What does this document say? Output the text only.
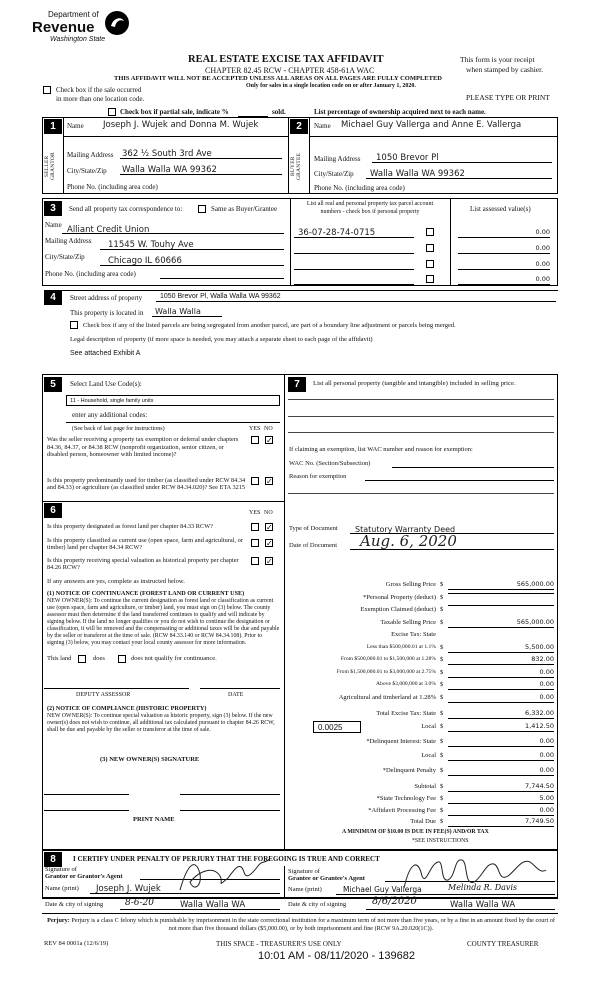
Department of
Revenue
Washington State
REAL ESTATE EXCISE TAX AFFIDAVIT
CHAPTER 82.45 RCW - CHAPTER 458-61A WAC
THIS AFFIDAVIT WILL NOT BE ACCEPTED UNLESS ALL AREAS ON ALL PAGES ARE FULLY COMPLETED
Only for sales in a single location code on or after January 1, 2020.
This form is your receipt
when stamped by cashier.
Check box if the sale occurred
in more than one location code.	PLEASE TYPE OR PRINT
Check box if partial sale, indicate %	sold.	List percentage of ownership acquired next to each name.
1
SELLER GRANTOR
Name Joseph J. Wujek and Donna M. Wujek
Mailing Address 362 ½ South 3rd Ave
City/State/Zip Walla Walla WA 99362
Phone No. (including area code)
2
BUYER GRANTEE
Name Michael Guy Vallerga and Anne E. Vallerga
Mailing Address 1050 Brevor Pl
City/State/Zip Walla Walla WA 99362
Phone No. (including area code)
3	Send all property tax correspondence to:	Same as Buyer/Grantee
List all real and personal property tax parcel account numbers - check box if personal property	List assessed value(s)
Name Alliant Credit Union
Mailing Address 11545 W. Touhy Ave
City/State/Zip	Chicago IL 60666
Phone No. (including area code)
36-07-28-74-0715	0.00
0.00
0.00
0.00
4	Street address of property	1050 Brevor Pl, Walla Walla WA 99362
This property is located in Walla Walla
Check box if any of the listed parcels are being segregated from another parcel, are part of a boundary line adjustment or parcels being merged.
Legal description of property (if more space is needed, you may attach a separate sheet to each page of the affidavit)
See attached Exhibit A
5	Select Land Use Code(s):
11 - Household, single family units
enter any additional codes:
(See back of last page for instructions)	YES NO
Was the seller receiving a property tax exemption or deferral under chapters 84.36, 84.37, or 84.38 RCW (nonprofit organization, senior citizen, or disabled person, homeowner with limited income)?
✓
Is this property predominantly used for timber (as classified under RCW 84.34 and 84.33) or agriculture (as classified under RCW 84.34.020)? See ETA 3215
✓
6	YES NO
Is this property designated as forest land per chapter 84.33 RCW?	✓
Is this property classified as current use (open space, farm and agricultural, or timber) land per chapter 84.34 RCW?	✓
Is this property receiving special valuation as historical property per chapter 84.26 RCW?
✓
If any answers are yes, complete as instructed below.
(1) NOTICE OF CONTINUANCE (FOREST LAND OR CURRENT USE)
NEW OWNER(S): To continue the current designation as forest land or classification as current use (open space, farm and agriculture, or timber) land, you must sign on (3) below. The county assessor must then determine if the land transferred continues to qualify and will indicate by signing below. If the land no longer qualifies or you do not wish to continue the designation or classification, it will be removed and the compensating or additional taxes will be due and payable by the seller or transferor at the time of sale. (RCW 84.33.140 or RCW 84.34.108). Prior to signing (3) below, you may contact your local county assessor for more information.
This land	does	does not qualify for continuance.
DEPUTY ASSESSOR	DATE
(2) NOTICE OF COMPLIANCE (HISTORIC PROPERTY)
NEW OWNER(S): To continue special valuation as historic property, sign (3) below. If the new owner(s) does not wish to continue, all additional tax calculated pursuant to chapter 84.26 RCW, shall be due and payable by the seller or transferor at the time of sale.
(3) NEW OWNER(S) SIGNATURE
PRINT NAME
7	List all personal property (tangible and intangible) included in selling price.
If claiming an exemption, list WAC number and reason for exemption:
WAC No. (Section/Subsection)
Reason for exemption
Type of Document Statutory Warranty Deed
Date of Document Aug. 6, 2020
Gross Selling Price $	565,000.00
*Personal Property (deduct) $
Exemption Claimed (deduct) $
Taxable Selling Price $	565,000.00
Excise Tax: State
Less than $500,000.01 at 1.1% $	5,500.00
From $500,000.01 to $1,500,000 at 1.28% $	832.00
From $1,500,000.01 to $3,000,000 at 2.75% $	0.00
Above $3,000,000 at 3.0% $	0.00
Agricultural and timberland at 1.28% $	0.00
Total Excise Tax: State $	6,332.00
Local $	1,412.50
*Delinquent Interest: State $	0.00
Local $	0.00
*Delinquent Penalty $	0.00
Subtotal $	7,744.50
*State Technology Fee $	5.00
*Affidavit Processing Fee $	0.00
Total Due $	7,749.50
0.0025
A MINIMUM OF $10.00 IS DUE IN FEE(S) AND/OR TAX
*SEE INSTRUCTIONS
8	I CERTIFY UNDER PENALTY OF PERJURY THAT THE FOREGOING IS TRUE AND CORRECT
Signature of
Grantor or Grantor's Agent
Name (print) Joseph J. Wujek
Signature of
Grantee or Grantee's Agent
Name (print)	Michael Guy Vallerga	Melinda R. Davis
Date & city of signing 8-6-20	Walla Walla WA	Date & city of signing	8/6/2020	Walla Walla WA
Perjury: Perjury is a class C felony which is punishable by imprisonment in the state correctional institution for a maximum term of not more than five years, or by a fine in an amount fixed by the court of not more than five thousand dollars ($5,000.00), or by both imprisonment and fine (RCW 9A.20.020(1C)).
REV 84 0001a (12/6/19)	THIS SPACE - TREASURER'S USE ONLY	COUNTY TREASURER
10:01 AM - 08/11/2020 - 139682
